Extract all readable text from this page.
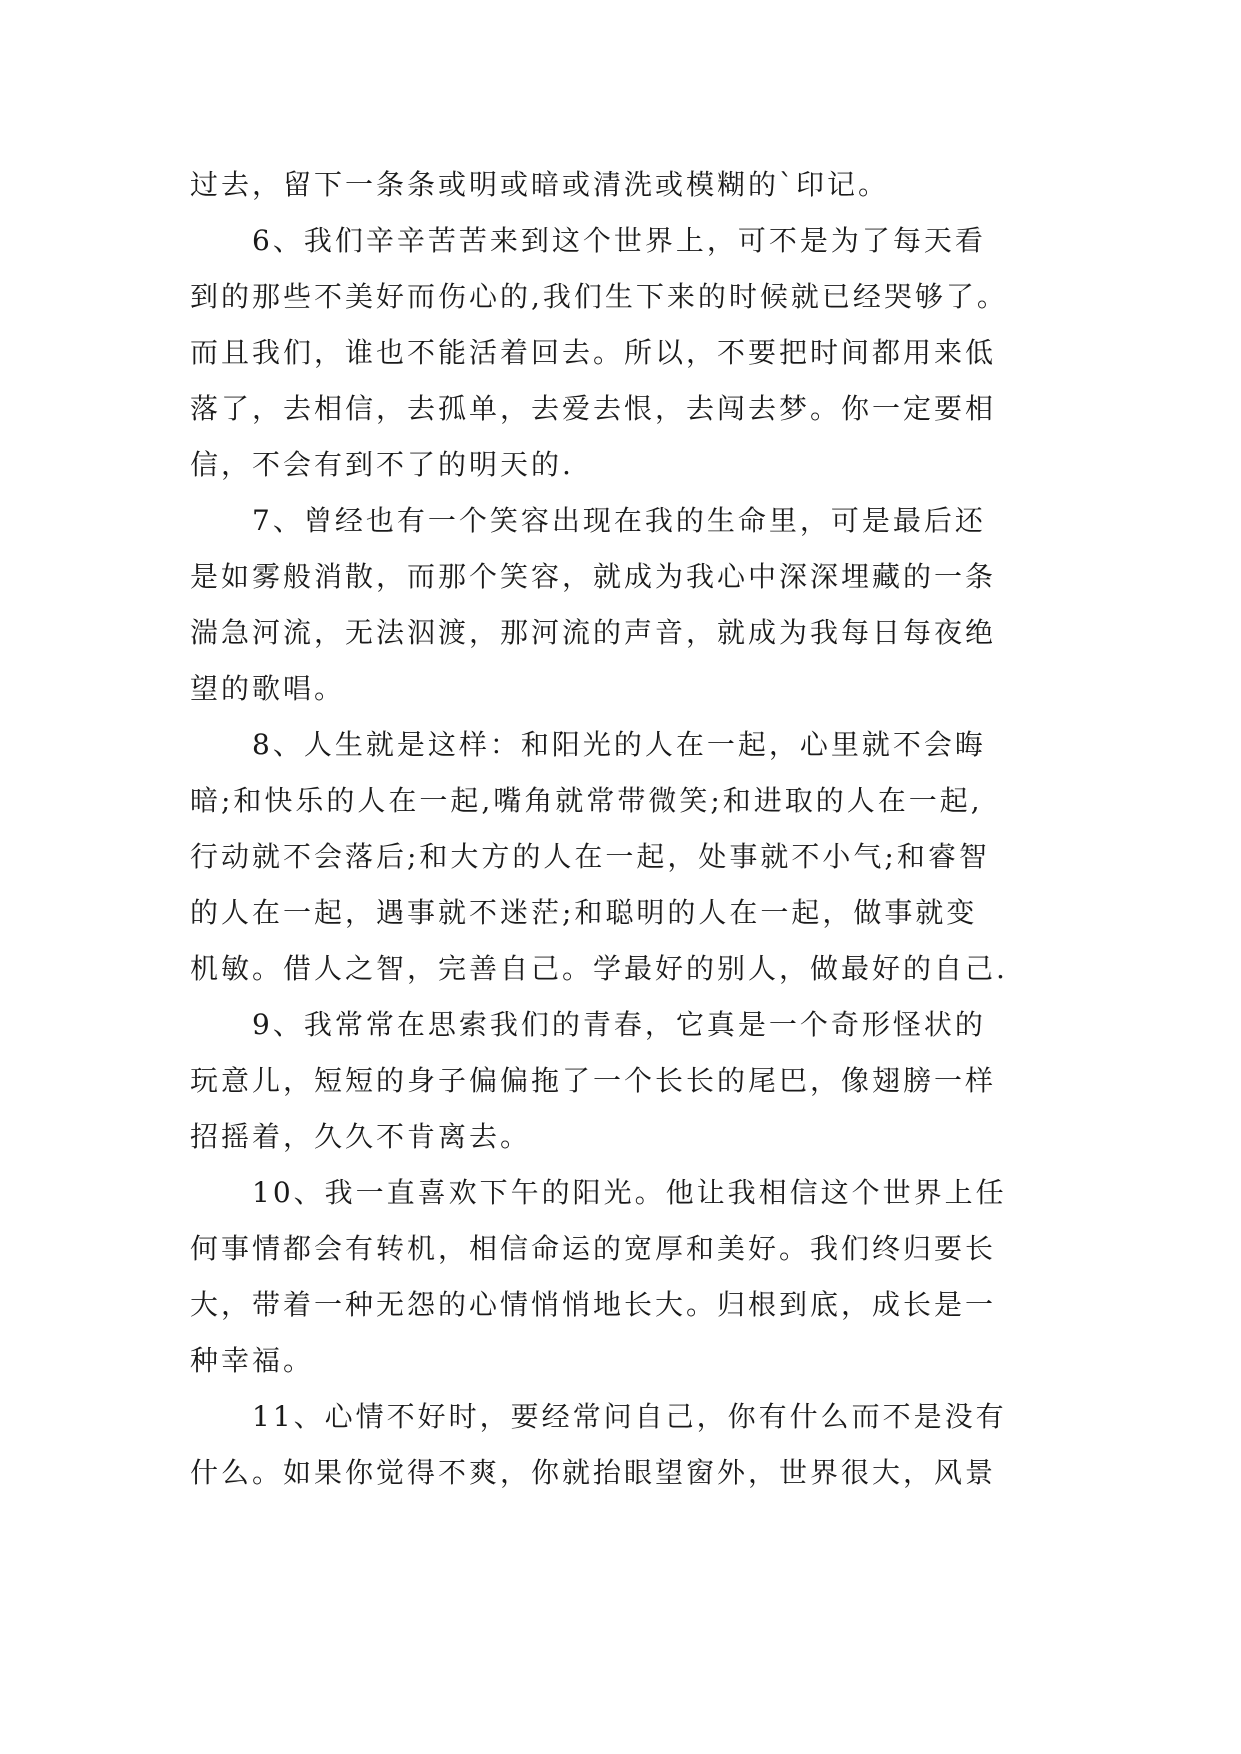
过去，留下一条条或明或暗或清洗或模糊的`印记。
6、我们辛辛苦苦来到这个世界上，可不是为了每天看
到的那些不美好而伤心的,我们生下来的时候就已经哭够了。
而且我们，谁也不能活着回去。所以，不要把时间都用来低
落了，去相信，去孤单，去爱去恨，去闯去梦。你一定要相
信，不会有到不了的明天的.
7、曾经也有一个笑容出现在我的生命里，可是最后还
是如雾般消散，而那个笑容，就成为我心中深深埋藏的一条
湍急河流，无法泅渡，那河流的声音，就成为我每日每夜绝
望的歌唱。
8、人生就是这样：和阳光的人在一起，心里就不会晦
暗;和快乐的人在一起,嘴角就常带微笑;和进取的人在一起,
行动就不会落后;和大方的人在一起，处事就不小气;和睿智
的人在一起，遇事就不迷茫;和聪明的人在一起，做事就变
机敏。借人之智，完善自己。学最好的别人，做最好的自己.
9、我常常在思索我们的青春，它真是一个奇形怪状的
玩意儿，短短的身子偏偏拖了一个长长的尾巴，像翅膀一样
招摇着，久久不肯离去。
10、我一直喜欢下午的阳光。他让我相信这个世界上任
何事情都会有转机，相信命运的宽厚和美好。我们终归要长
大，带着一种无怨的心情悄悄地长大。归根到底，成长是一
种幸福。
11、心情不好时，要经常问自己，你有什么而不是没有
什么。如果你觉得不爽，你就抬眼望窗外，世界很大，风景
